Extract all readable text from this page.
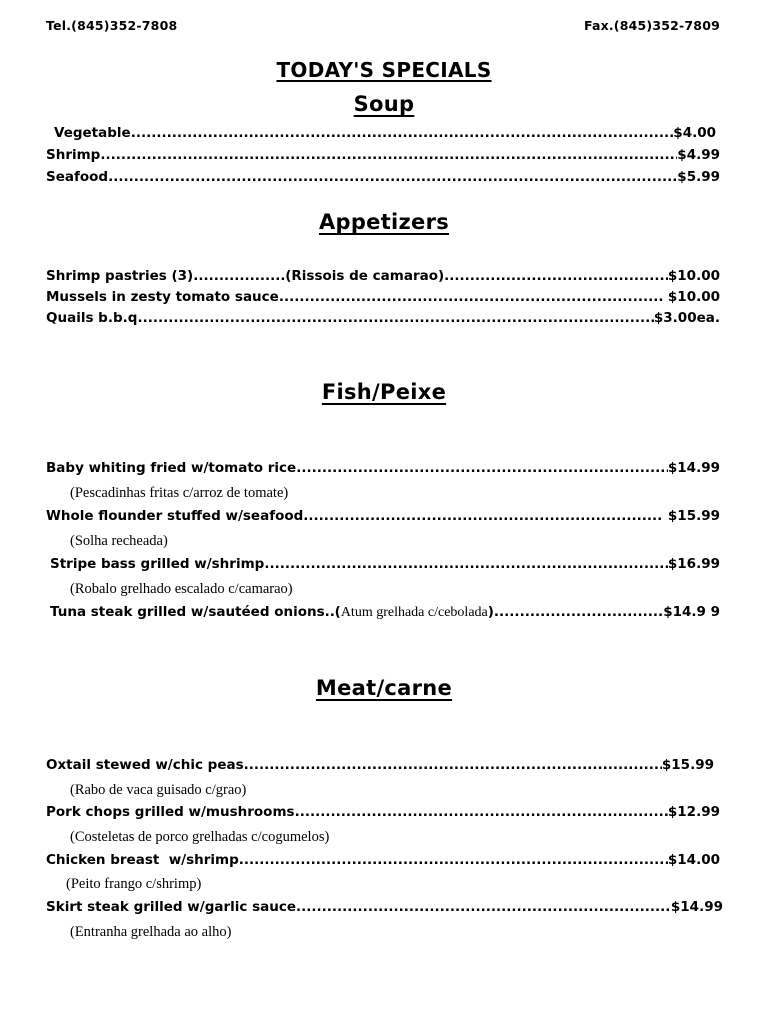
Tel.(845)352-7808	Fax.(845)352-7809
TODAY'S SPECIALS
Soup
Vegetable .....	$4.00
Shrimp .....	$4.99
Seafood .....	$5.99
Appetizers
Shrimp pastries (3) .....	(Rissois de camarao) .....	$10.00
Mussels in zesty tomato sauce .....	$10.00
Quails b.b.q .....	$3.00ea.
Fish/Peixe
Baby whiting fried w/tomato rice .....	$14.99
(Pescadinhas fritas c/arroz de tomate)
Whole flounder stuffed w/seafood .....	$15.99
(Solha recheada)
Stripe bass grilled w/shrimp .....	$16.99
(Robalo grelhado escalado c/camarao)
Tuna steak grilled w/sautéed onions ..... (Atum grelhada c/cebolada) .....	$14.9 9
Meat/carne
Oxtail stewed w/chic peas .....	$15.99
(Rabo de vaca guisado c/grao)
Pork chops grilled w/mushrooms .....	$12.99
(Costeletas de porco grelhadas c/cogumelos)
Chicken breast  w/shrimp .....	$14.00
(Peito frango c/shrimp)
Skirt steak grilled w/garlic sauce .....	$14.99
(Entranha grelhada ao alho)
